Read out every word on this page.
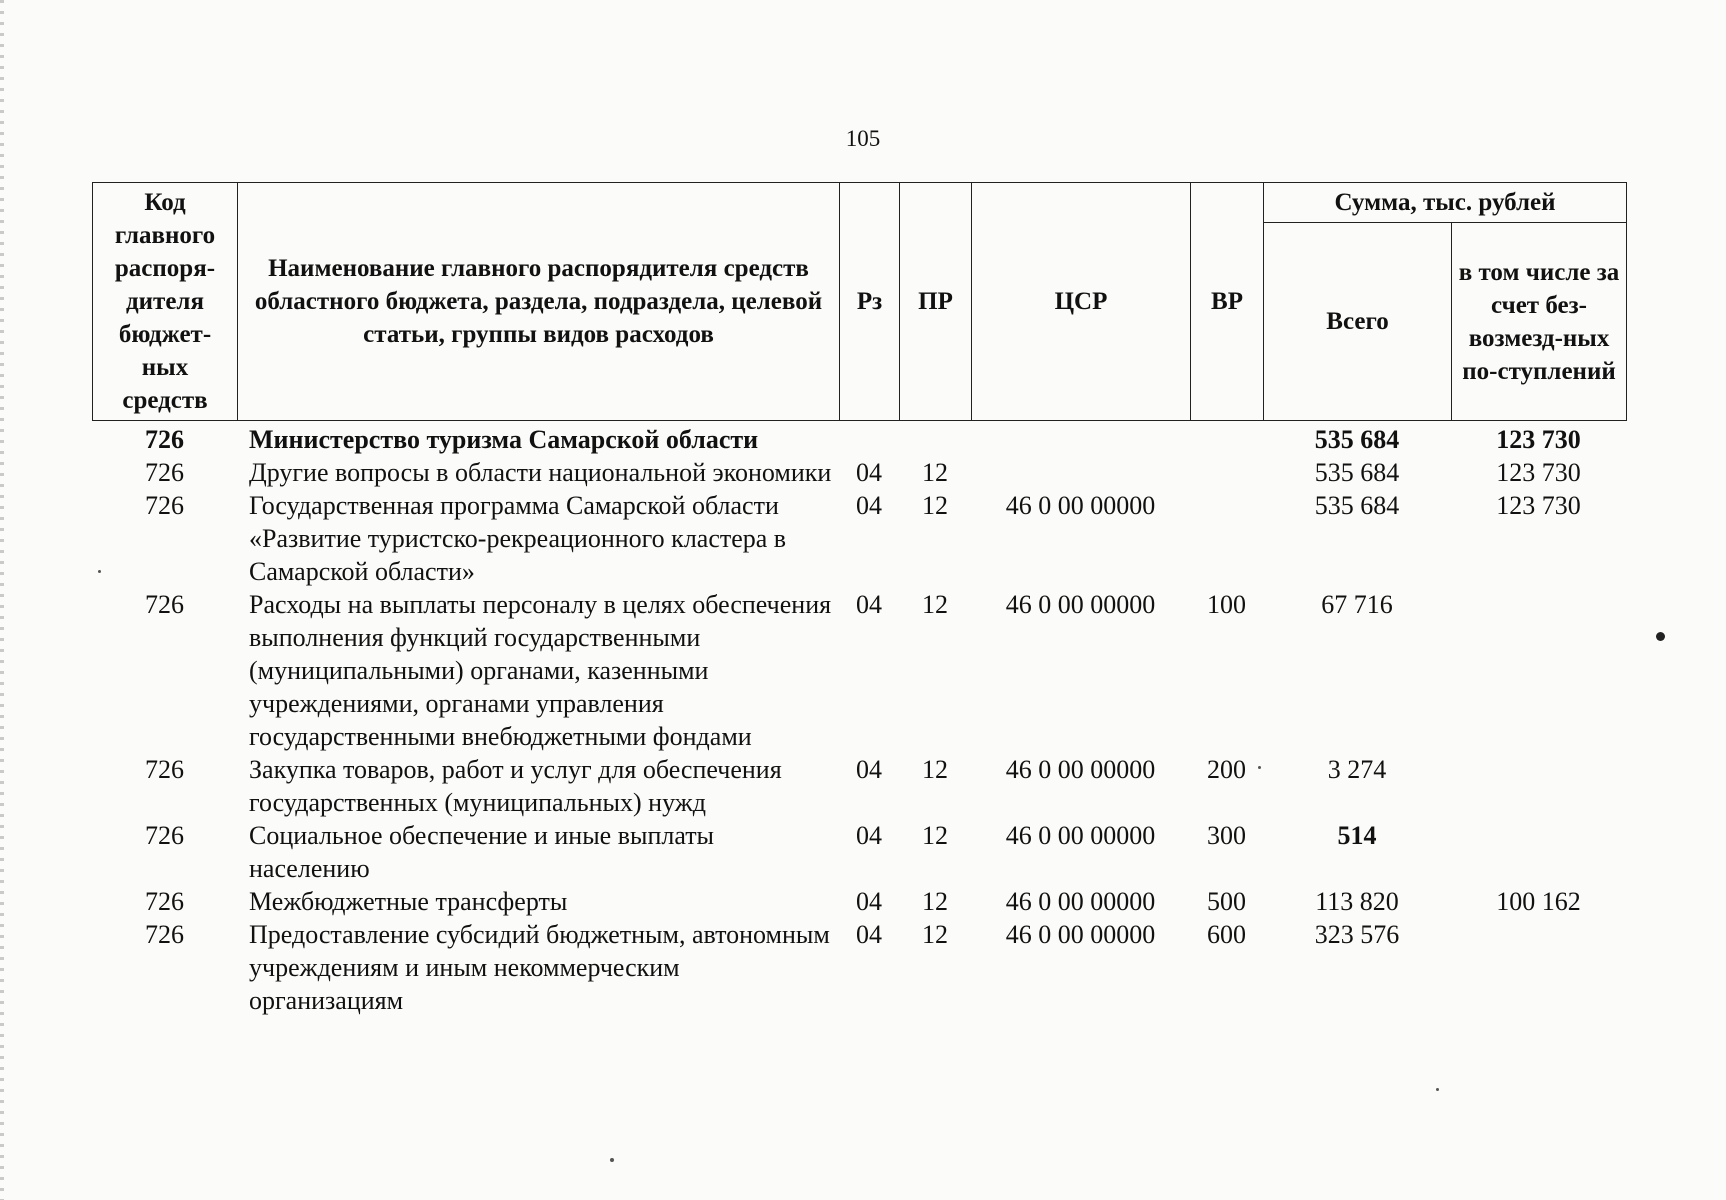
105
Код главного распоря-дителя бюджет-ных средств	Наименование главного распорядителя средств областного бюджета, раздела, подраздела, целевой статьи, группы видов расходов	Рз	ПР	ЦСР	ВР	Сумма, тыс. рублей	
						Всего	в том числе за счет без-возмезд-ных по-ступлений
726	Министерство туризма Самарской области					535 684	123 730
726	Другие вопросы в области национальной экономики	04	12			535 684	123 730
726	Государственная программа Самарской области «Развитие туристско-рекреационного кластера в Самарской области»	04	12	46 0 00 00000		535 684	123 730
726	Расходы на выплаты персоналу в целях обеспечения выполнения функций государственными (муниципальными) органами, казенными учреждениями, органами управления государственными внебюджетными фондами	04	12	46 0 00 00000	100	67 716	
726	Закупка товаров, работ и услуг для обеспечения государственных (муниципальных) нужд	04	12	46 0 00 00000	200	3 274	
726	Социальное обеспечение и иные выплаты населению	04	12	46 0 00 00000	300	514	
726	Межбюджетные трансферты	04	12	46 0 00 00000	500	113 820	100 162
726	Предоставление субсидий бюджетным, автономным учреждениям и иным некоммерческим организациям	04	12	46 0 00 00000	600	323 576	
